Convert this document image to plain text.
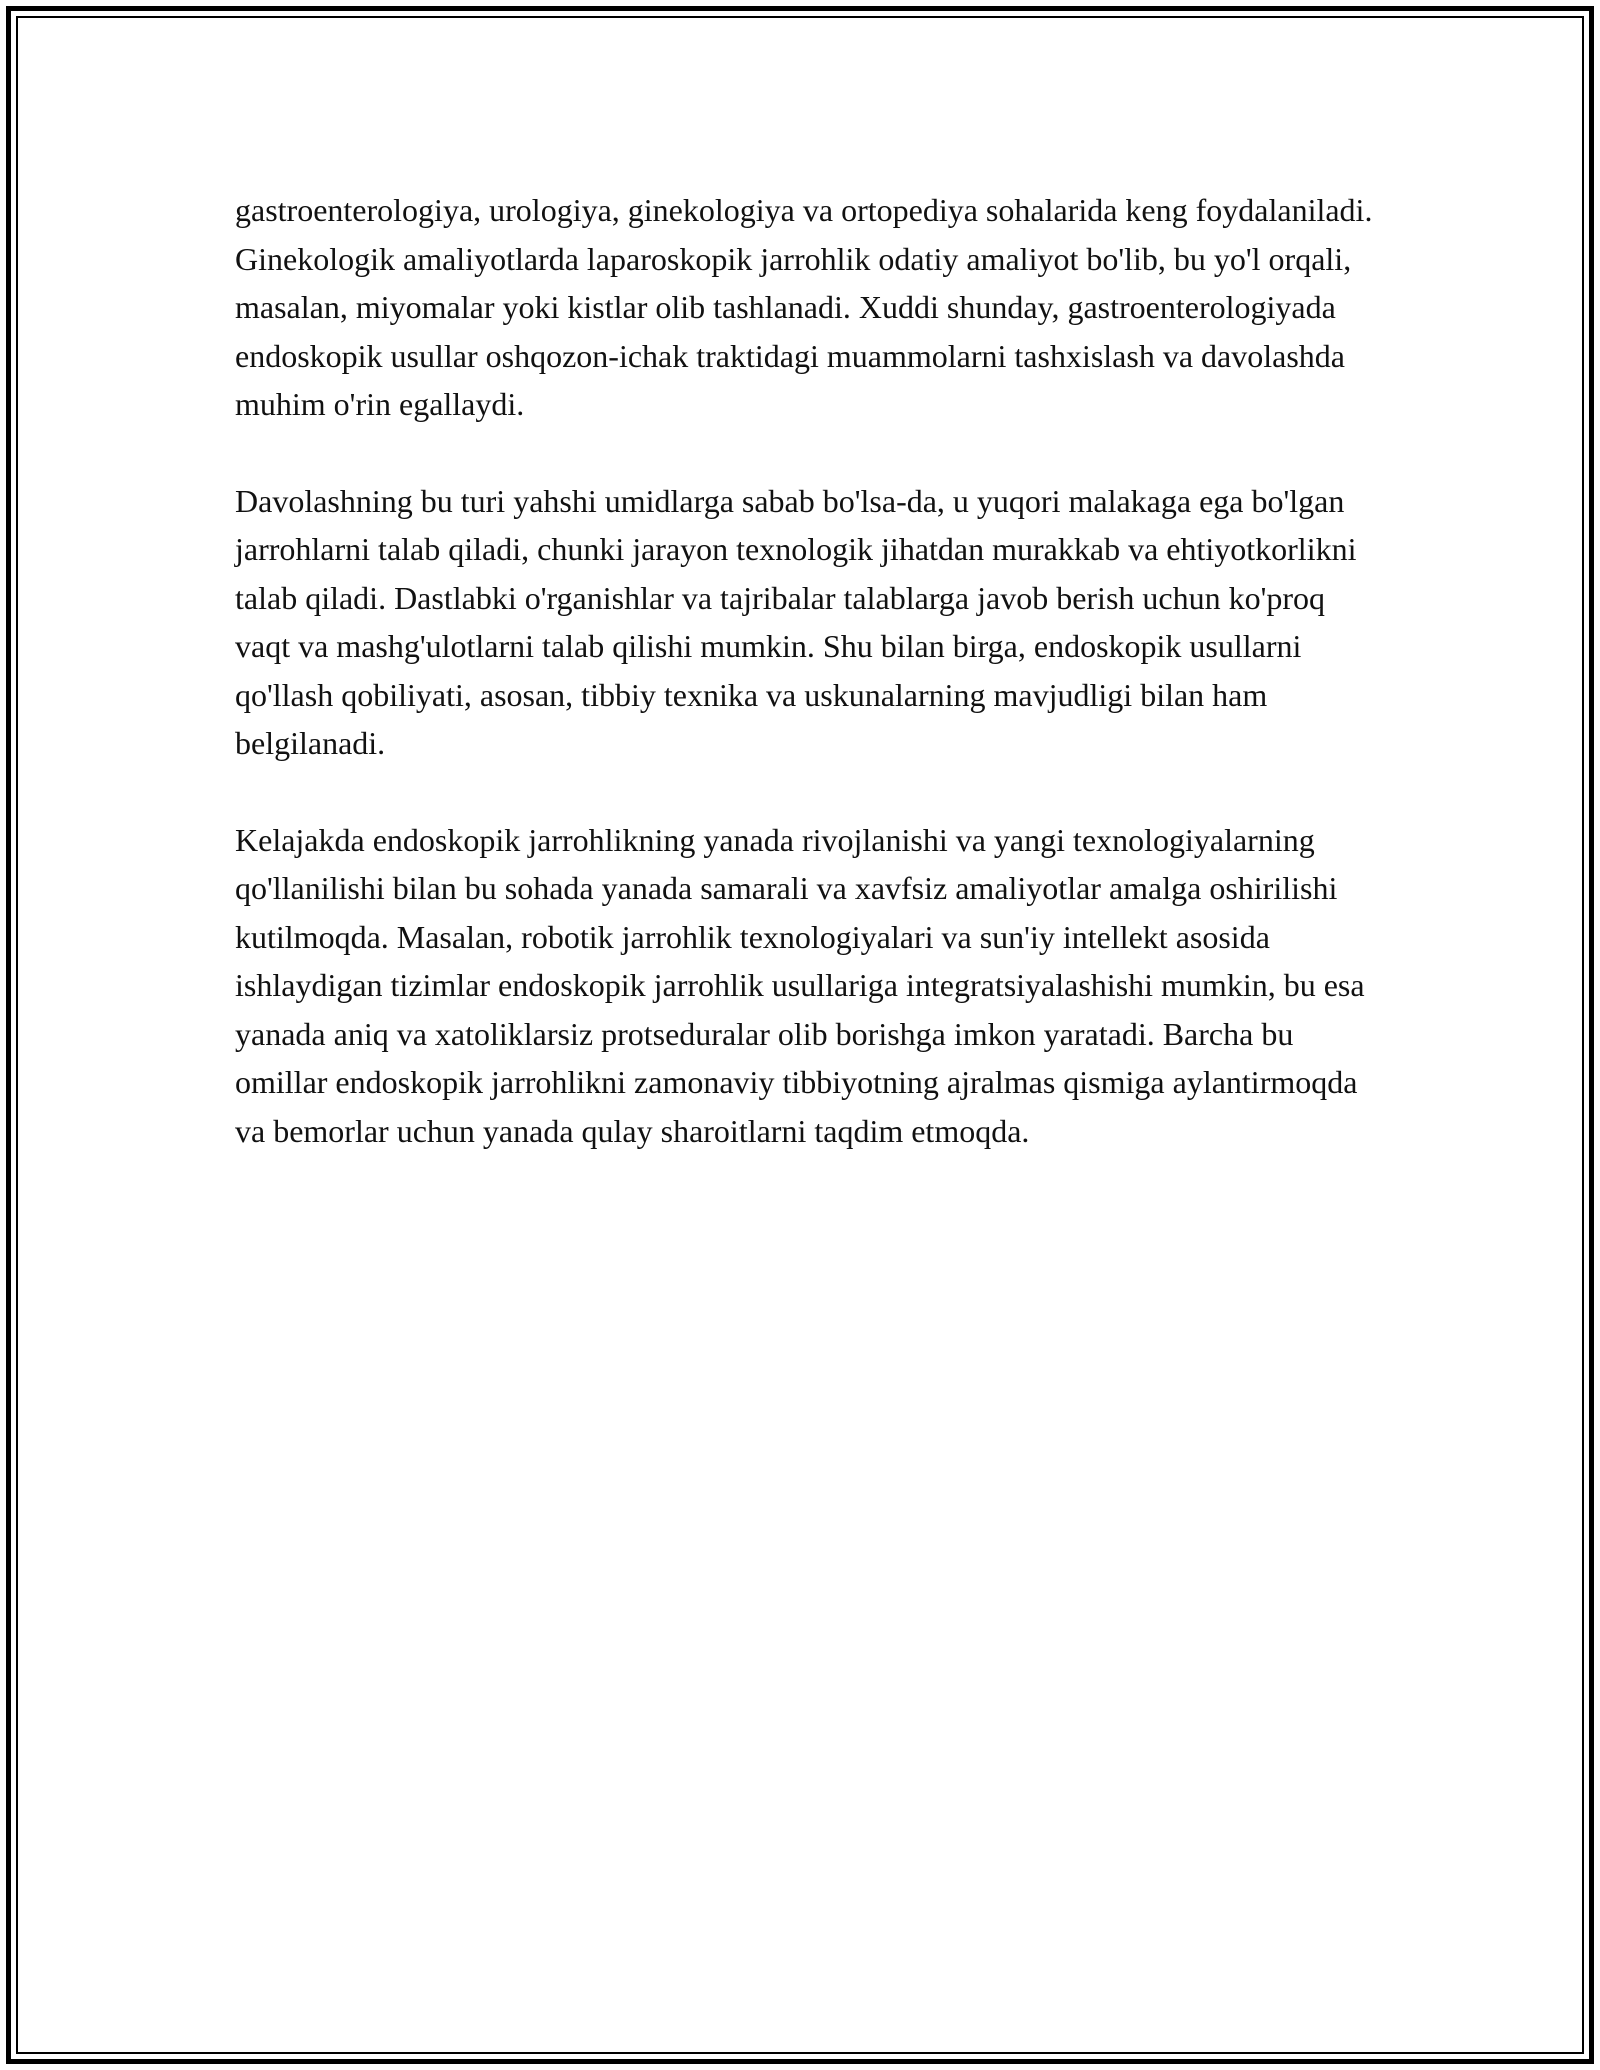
gastroenterologiya, urologiya, ginekologiya va ortopediya sohalarida keng foydalaniladi. Ginekologik amaliyotlarda laparoskopik jarrohlik odatiy amaliyot bo'lib, bu yo'l orqali, masalan, miyomalar yoki kistlar olib tashlanadi. Xuddi shunday, gastroenterologiyada endoskopik usullar oshqozon-ichak traktidagi muammolarni tashxislash va davolashda muhim o'rin egallaydi.

Davolashning bu turi yahshi umidlarga sabab bo'lsa-da, u yuqori malakaga ega bo'lgan jarrohlarni talab qiladi, chunki jarayon texnologik jihatdan murakkab va ehtiyotkorlikni talab qiladi. Dastlabki o'rganishlar va tajribalar talablarga javob berish uchun ko'proq vaqt va mashg'ulotlarni talab qilishi mumkin. Shu bilan birga, endoskopik usullarni qo'llash qobiliyati, asosan, tibbiy texnika va uskunalarning mavjudligi bilan ham belgilanadi.

Kelajakda endoskopik jarrohlikning yanada rivojlanishi va yangi texnologiyalarning qo'llanilishi bilan bu sohada yanada samarali va xavfsiz amaliyotlar amalga oshirilishi kutilmoqda. Masalan, robotik jarrohlik texnologiyalari va sun'iy intellekt asosida ishlaydigan tizimlar endoskopik jarrohlik usullariga integratsiyalashishi mumkin, bu esa yanada aniq va xatoliklarsiz protseduralar olib borishga imkon yaratadi. Barcha bu omillar endoskopik jarrohlikni zamonaviy tibbiyotning ajralmas qismiga aylantirmoqda va bemorlar uchun yanada qulay sharoitlarni taqdim etmoqda.
